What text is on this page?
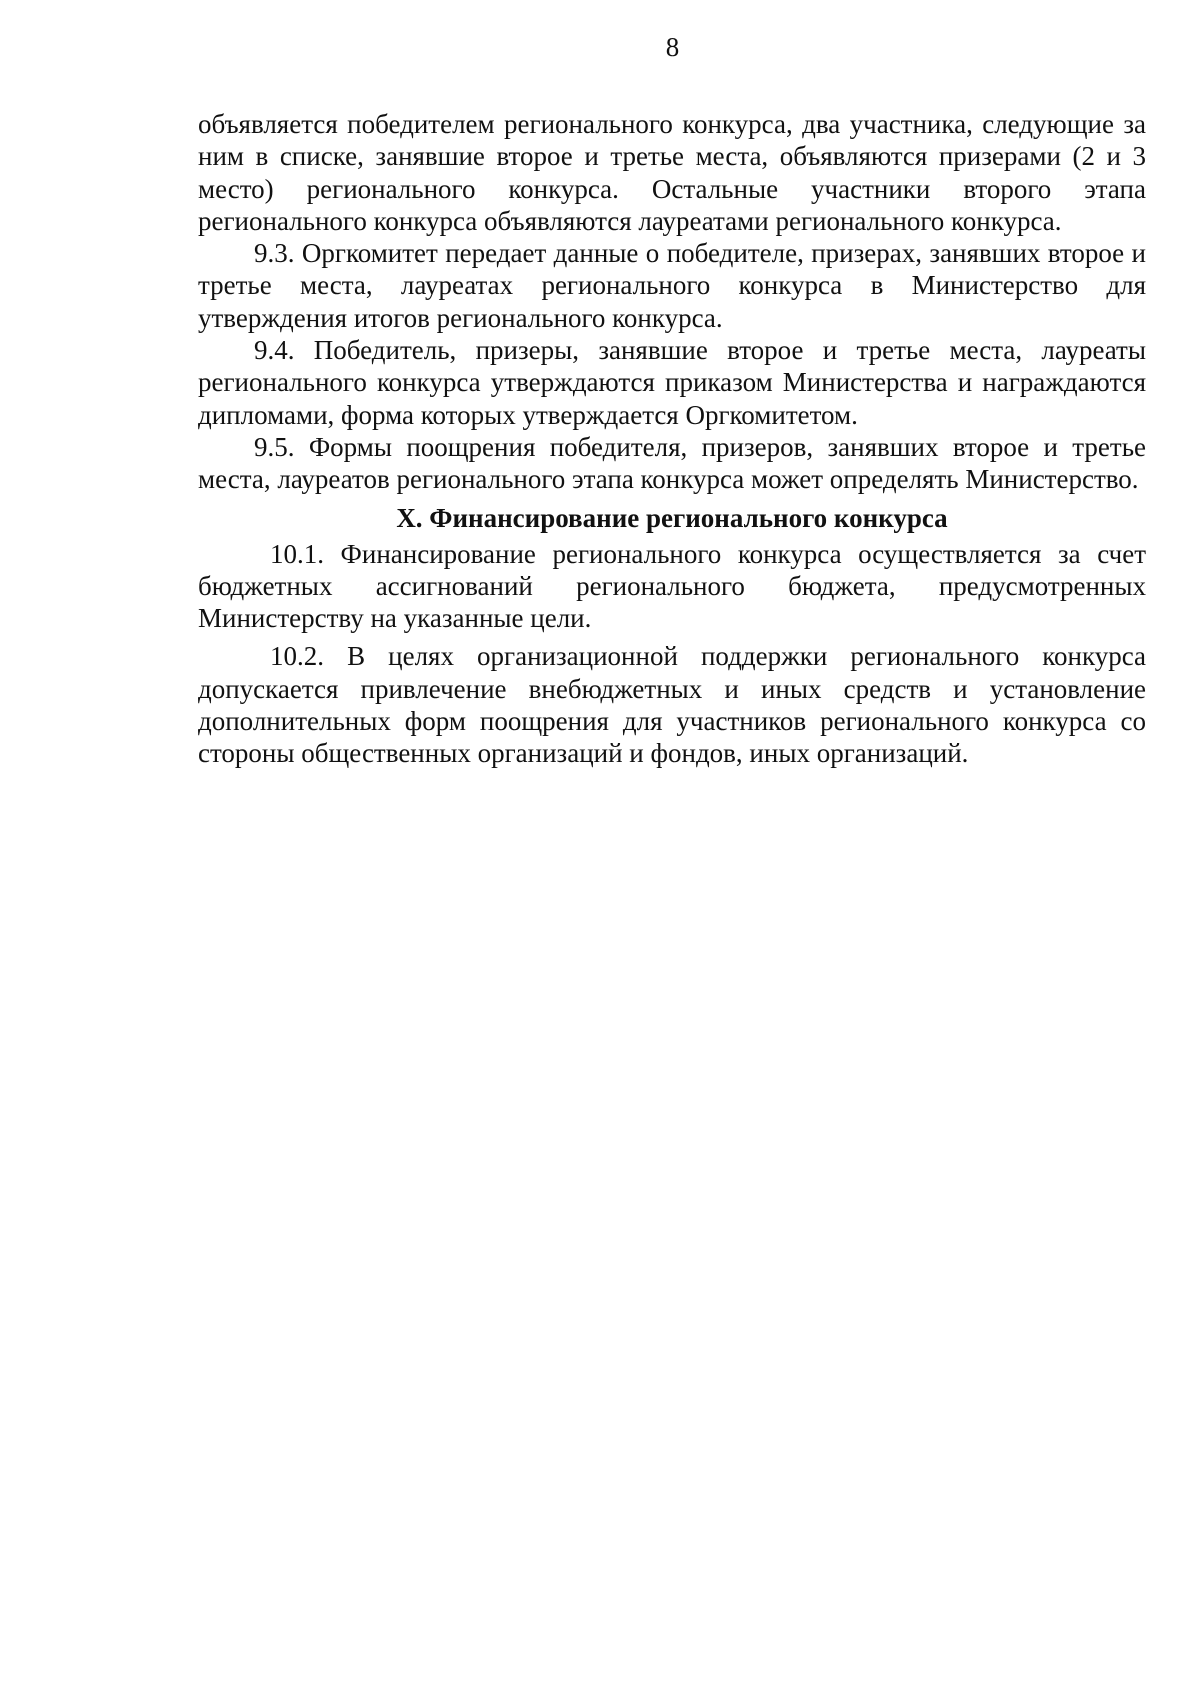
8

объявляется победителем регионального конкурса, два участника, следующие за ним в списке, занявшие второе и третье места, объявляются призерами (2 и 3 место) регионального конкурса. Остальные участники второго этапа регионального конкурса объявляются лауреатами регионального конкурса.

9.3. Оргкомитет передает данные о победителе, призерах, занявших второе и третье места, лауреатах регионального конкурса в Министерство для утверждения итогов регионального конкурса.

9.4. Победитель, призеры, занявшие второе и третье места, лауреаты регионального конкурса утверждаются приказом Министерства и награждаются дипломами, форма которых утверждается Оргкомитетом.

9.5. Формы поощрения победителя, призеров, занявших второе и третье места, лауреатов регионального этапа конкурса может определять Министерство.

X. Финансирование регионального конкурса

10.1. Финансирование регионального конкурса осуществляется за счет бюджетных ассигнований регионального бюджета, предусмотренных Министерству на указанные цели.

10.2. В целях организационной поддержки регионального конкурса допускается привлечение внебюджетных и иных средств и установление дополнительных форм поощрения для участников регионального конкурса со стороны общественных организаций и фондов, иных организаций.
